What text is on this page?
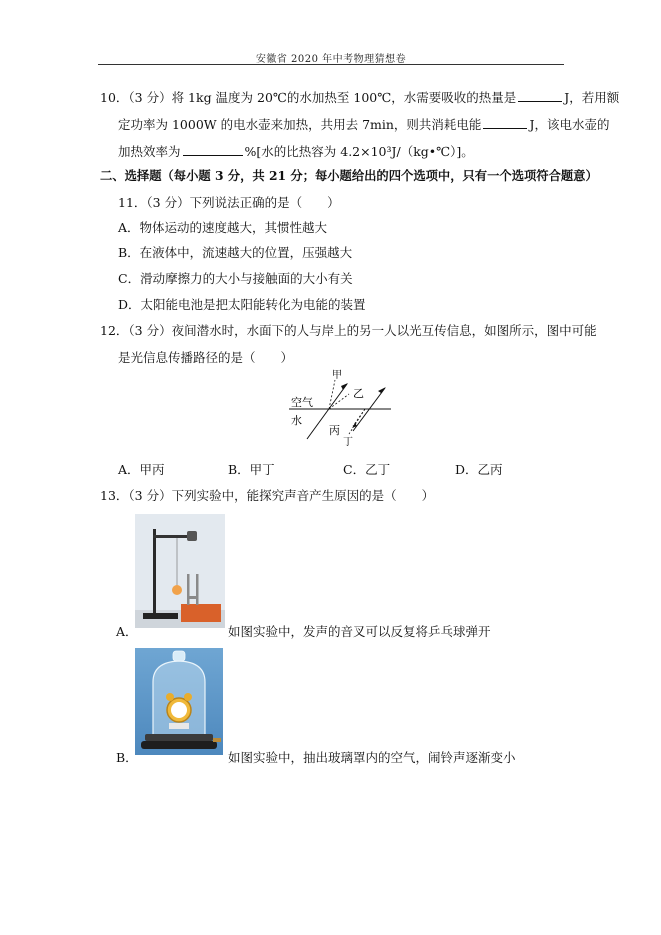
安徽省 2020 年中考物理猜想卷
10．（3 分）将 1kg 温度为 20℃的水加热至 100℃，水需要吸收的热量是	J，若用额
定功率为 1000W 的电水壶来加热，共用去 7min，则共消耗电能	J，该电水壶的
加热效率为	%[水的比热容为 4.2×10³J/（kg•℃）]。
二、选择题（每小题 3 分，共 21 分；每小题给出的四个选项中，只有一个选项符合题意）
11．（3 分）下列说法正确的是（　　）
A．物体运动的速度越大，其惯性越大
B．在液体中，流速越大的位置，压强越大
C．滑动摩擦力的大小与接触面的大小有关
D．太阳能电池是把太阳能转化为电能的装置
12．（3 分）夜间潜水时，水面下的人与岸上的另一人以光互传信息，如图所示，图中可能
是光信息传播路径的是（　　）
空气
水
甲
乙
丙
丁
A．甲丙	B．甲丁	C．乙丁	D．乙丙
13．（3 分）下列实验中，能探究声音产生原因的是（　　）
A．	如图实验中，发声的音叉可以反复将乒乓球弹开
B．	如图实验中，抽出玻璃罩内的空气，闹铃声逐渐变小
